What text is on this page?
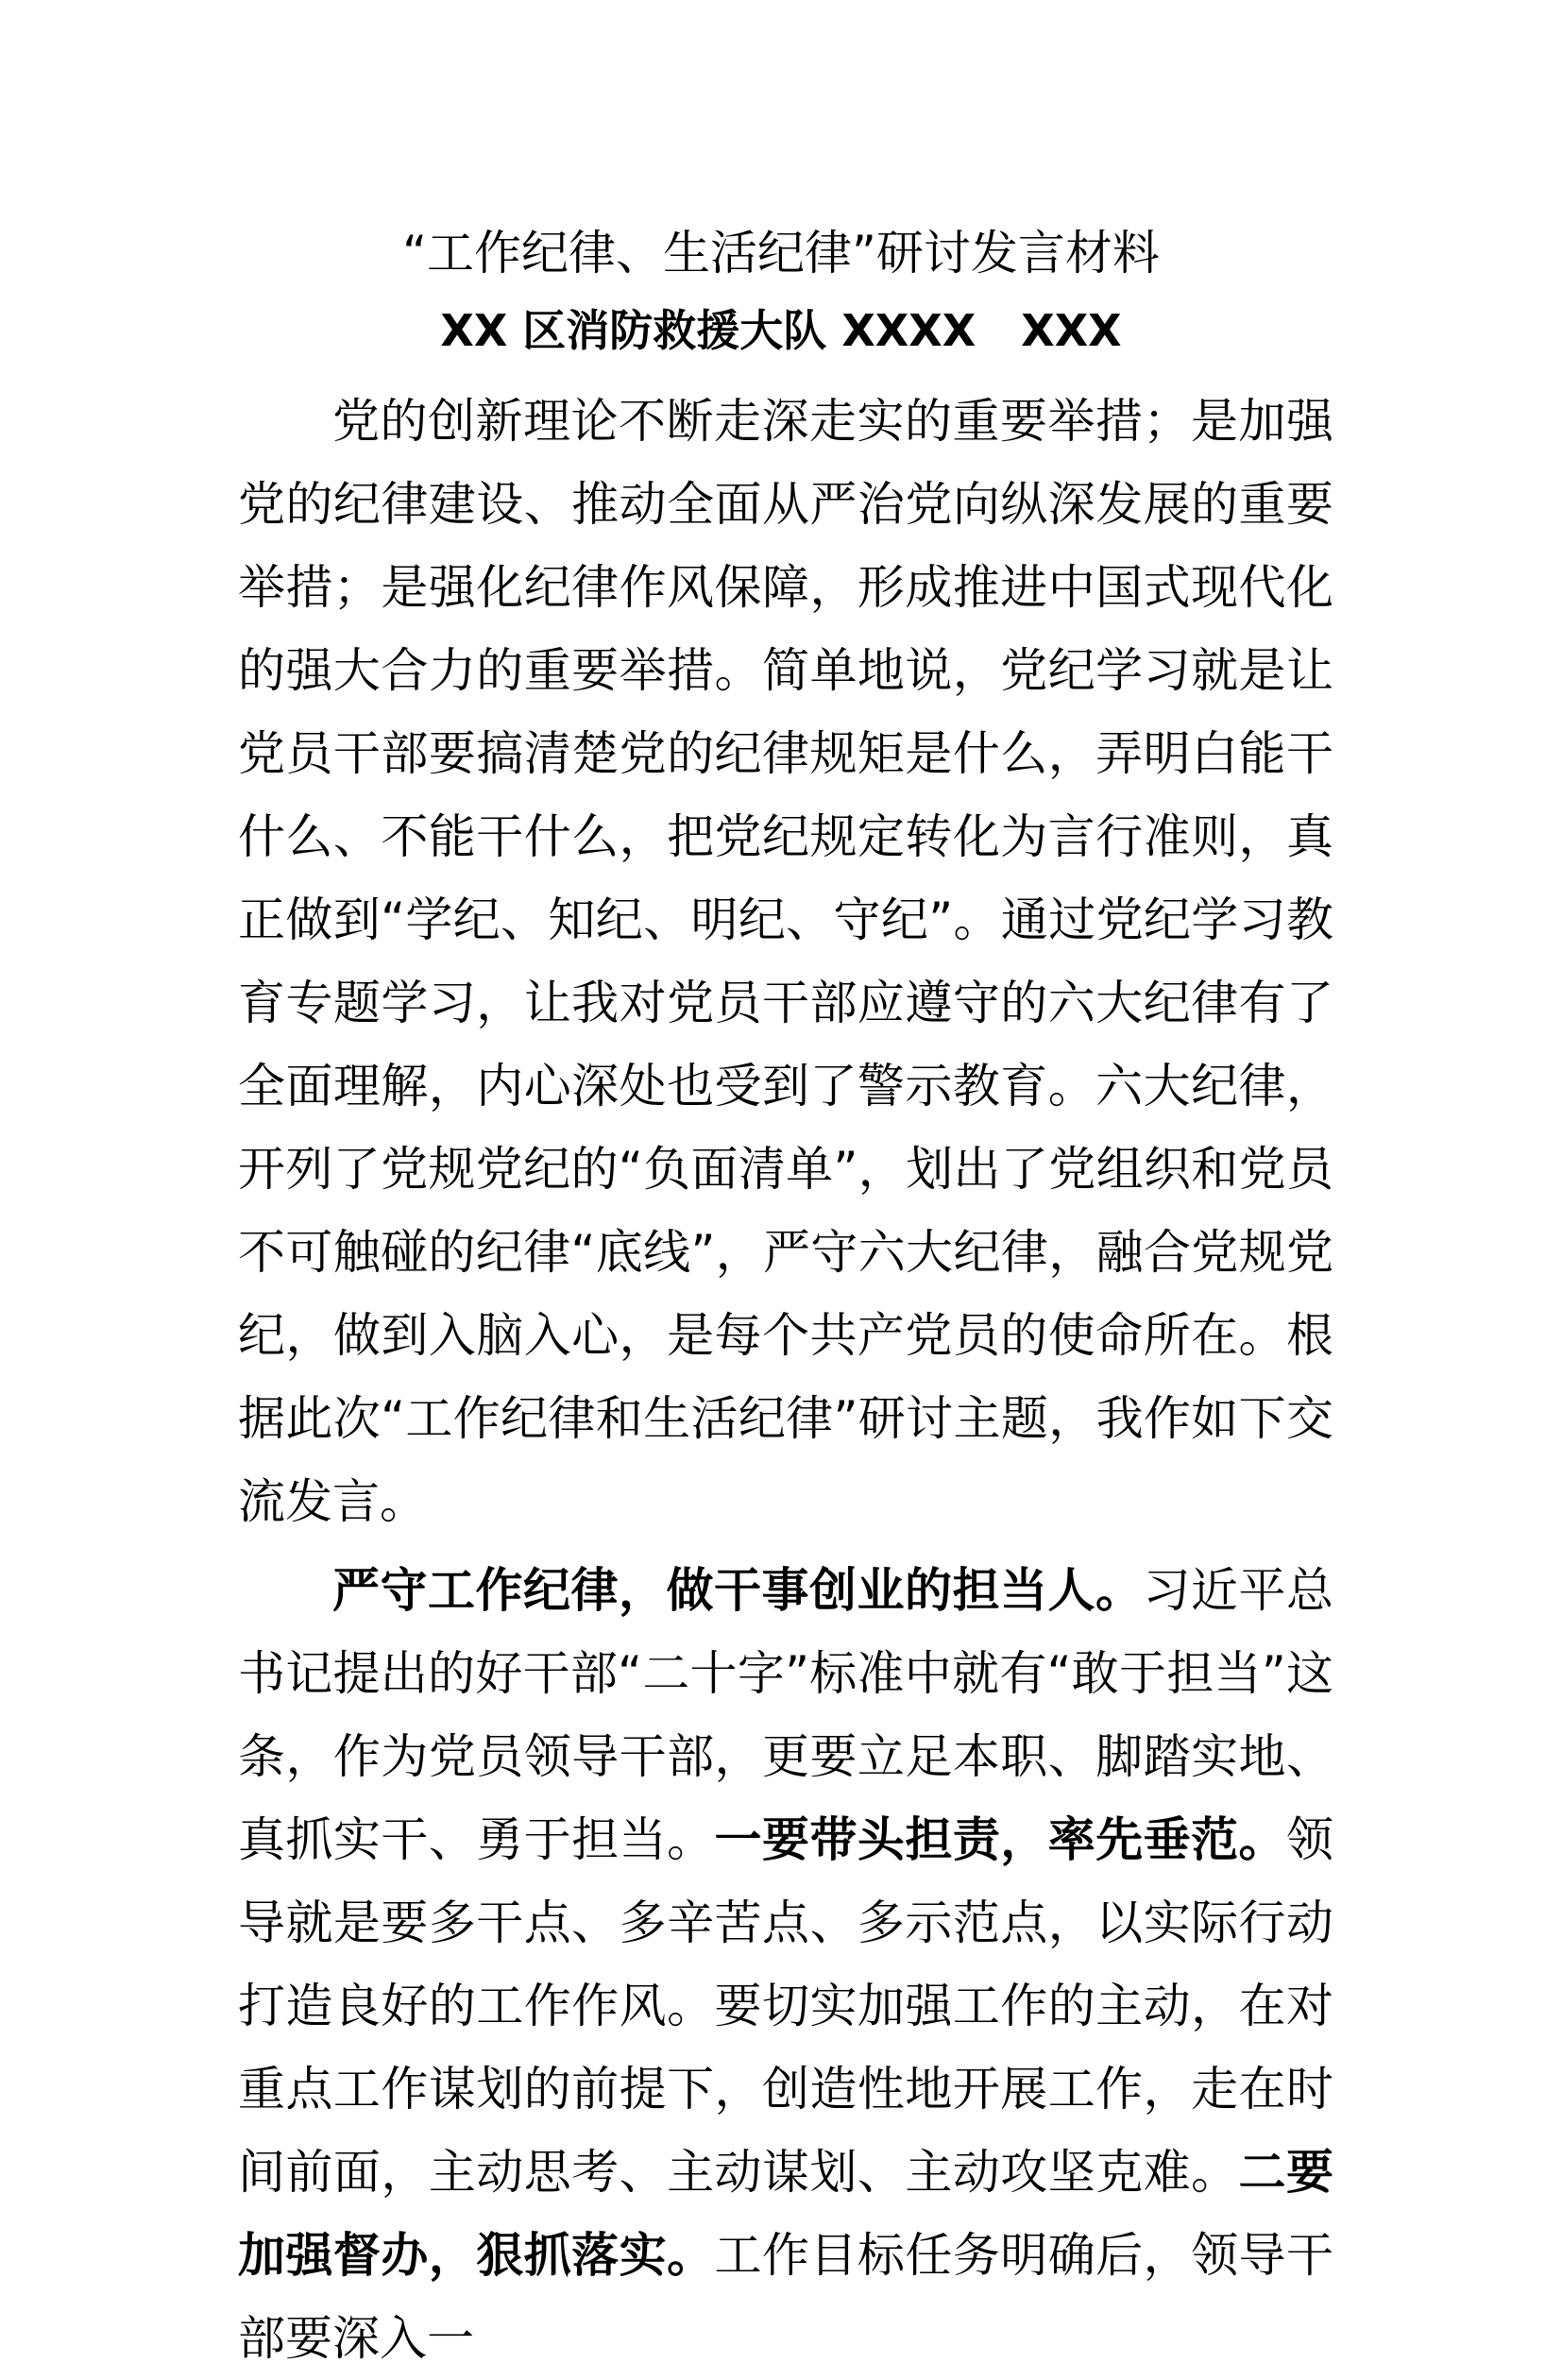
“工作纪律、生活纪律”研讨发言材料
XX 区消防救援大队 XXXX   XXX

党的创新理论不断走深走实的重要举措；是加强党的纪律建设、推动全面从严治党向纵深发展的重要举措；是强化纪律作风保障，形成推进中国式现代化的强大合力的重要举措。简单地说，党纪学习就是让党员干部要搞清楚党的纪律规矩是什么，弄明白能干什么、不能干什么，把党纪规定转化为言行准则，真正做到“学纪、知纪、明纪、守纪”。通过党纪学习教育专题学习，让我对党员干部应遵守的六大纪律有了全面理解，内心深处也受到了警示教育。六大纪律，开列了党规党纪的“负面清单”，划出了党组织和党员不可触碰的纪律“底线”，严守六大纪律，融合党规党纪，做到入脑入心，是每个共产党员的使命所在。根据此次“工作纪律和生活纪律”研讨主题，我作如下交流发言。

严守工作纪律，做干事创业的担当人。习近平总书记提出的好干部“二十字”标准中就有“敢于担当”这条，作为党员领导干部，更要立足本职、脚踏实地、真抓实干、勇于担当。一要带头担责，率先垂范。领导就是要多干点、多辛苦点、多示范点，以实际行动打造良好的工作作风。要切实加强工作的主动，在对重点工作谋划的前提下，创造性地开展工作，走在时间前面，主动思考、主动谋划、主动攻坚克难。二要加强督办，狠抓落实。工作目标任务明确后，领导干部要深入一
